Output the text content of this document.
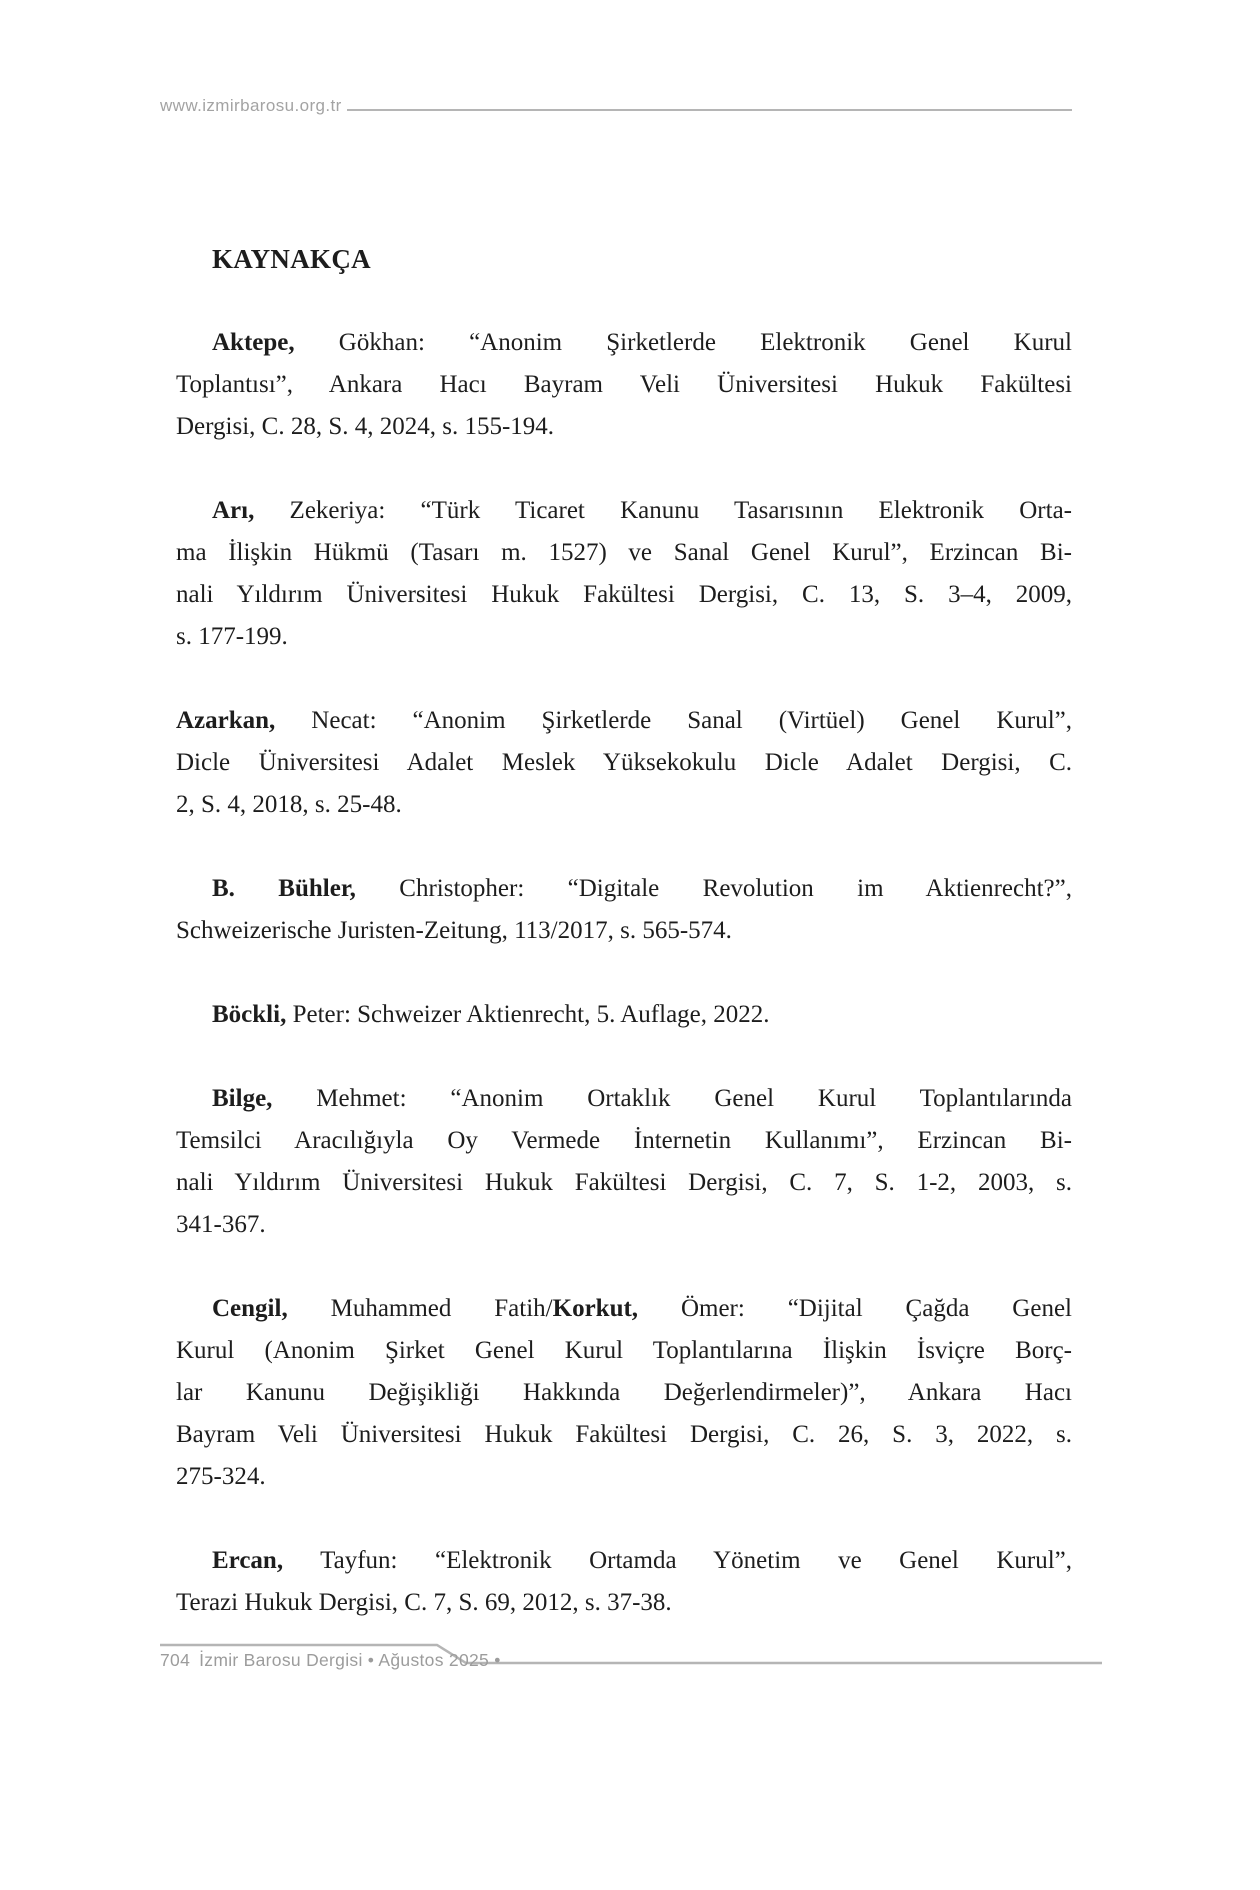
www.izmirbarosu.org.tr
KAYNAKÇA
Aktepe, Gökhan: “Anonim Şirketlerde Elektronik Genel Kurul
Toplantısı”, Ankara Hacı Bayram Veli Üniversitesi Hukuk Fakültesi
Dergisi, C. 28, S. 4, 2024, s. 155-194.
Arı, Zekeriya: “Türk Ticaret Kanunu Tasarısının Elektronik Orta-
ma İlişkin Hükmü (Tasarı m. 1527) ve Sanal Genel Kurul”, Erzincan Bi-
nali Yıldırım Üniversitesi Hukuk Fakültesi Dergisi, C. 13, S. 3–4, 2009,
s. 177-199.
Azarkan, Necat: “Anonim Şirketlerde Sanal (Virtüel) Genel Kurul”,
Dicle Üniversitesi Adalet Meslek Yüksekokulu Dicle Adalet Dergisi, C.
2, S. 4, 2018, s. 25-48.
B. Bühler, Christopher: “Digitale Revolution im Aktienrecht?”,
Schweizerische Juristen-Zeitung, 113/2017, s. 565-574.
Böckli, Peter: Schweizer Aktienrecht, 5. Auflage, 2022.
Bilge, Mehmet: “Anonim Ortaklık Genel Kurul Toplantılarında
Temsilci Aracılığıyla Oy Vermede İnternetin Kullanımı”, Erzincan Bi-
nali Yıldırım Üniversitesi Hukuk Fakültesi Dergisi, C. 7, S. 1-2, 2003, s.
341-367.
Cengil, Muhammed Fatih/Korkut, Ömer: “Dijital Çağda Genel
Kurul (Anonim Şirket Genel Kurul Toplantılarına İlişkin İsviçre Borç-
lar Kanunu Değişikliği Hakkında Değerlendirmeler)”, Ankara Hacı
Bayram Veli Üniversitesi Hukuk Fakültesi Dergisi, C. 26, S. 3, 2022, s.
275-324.
Ercan, Tayfun: “Elektronik Ortamda Yönetim ve Genel Kurul”,
Terazi Hukuk Dergisi, C. 7, S. 69, 2012, s. 37-38.
704 İzmir Barosu Dergisi • Ağustos 2025 •
